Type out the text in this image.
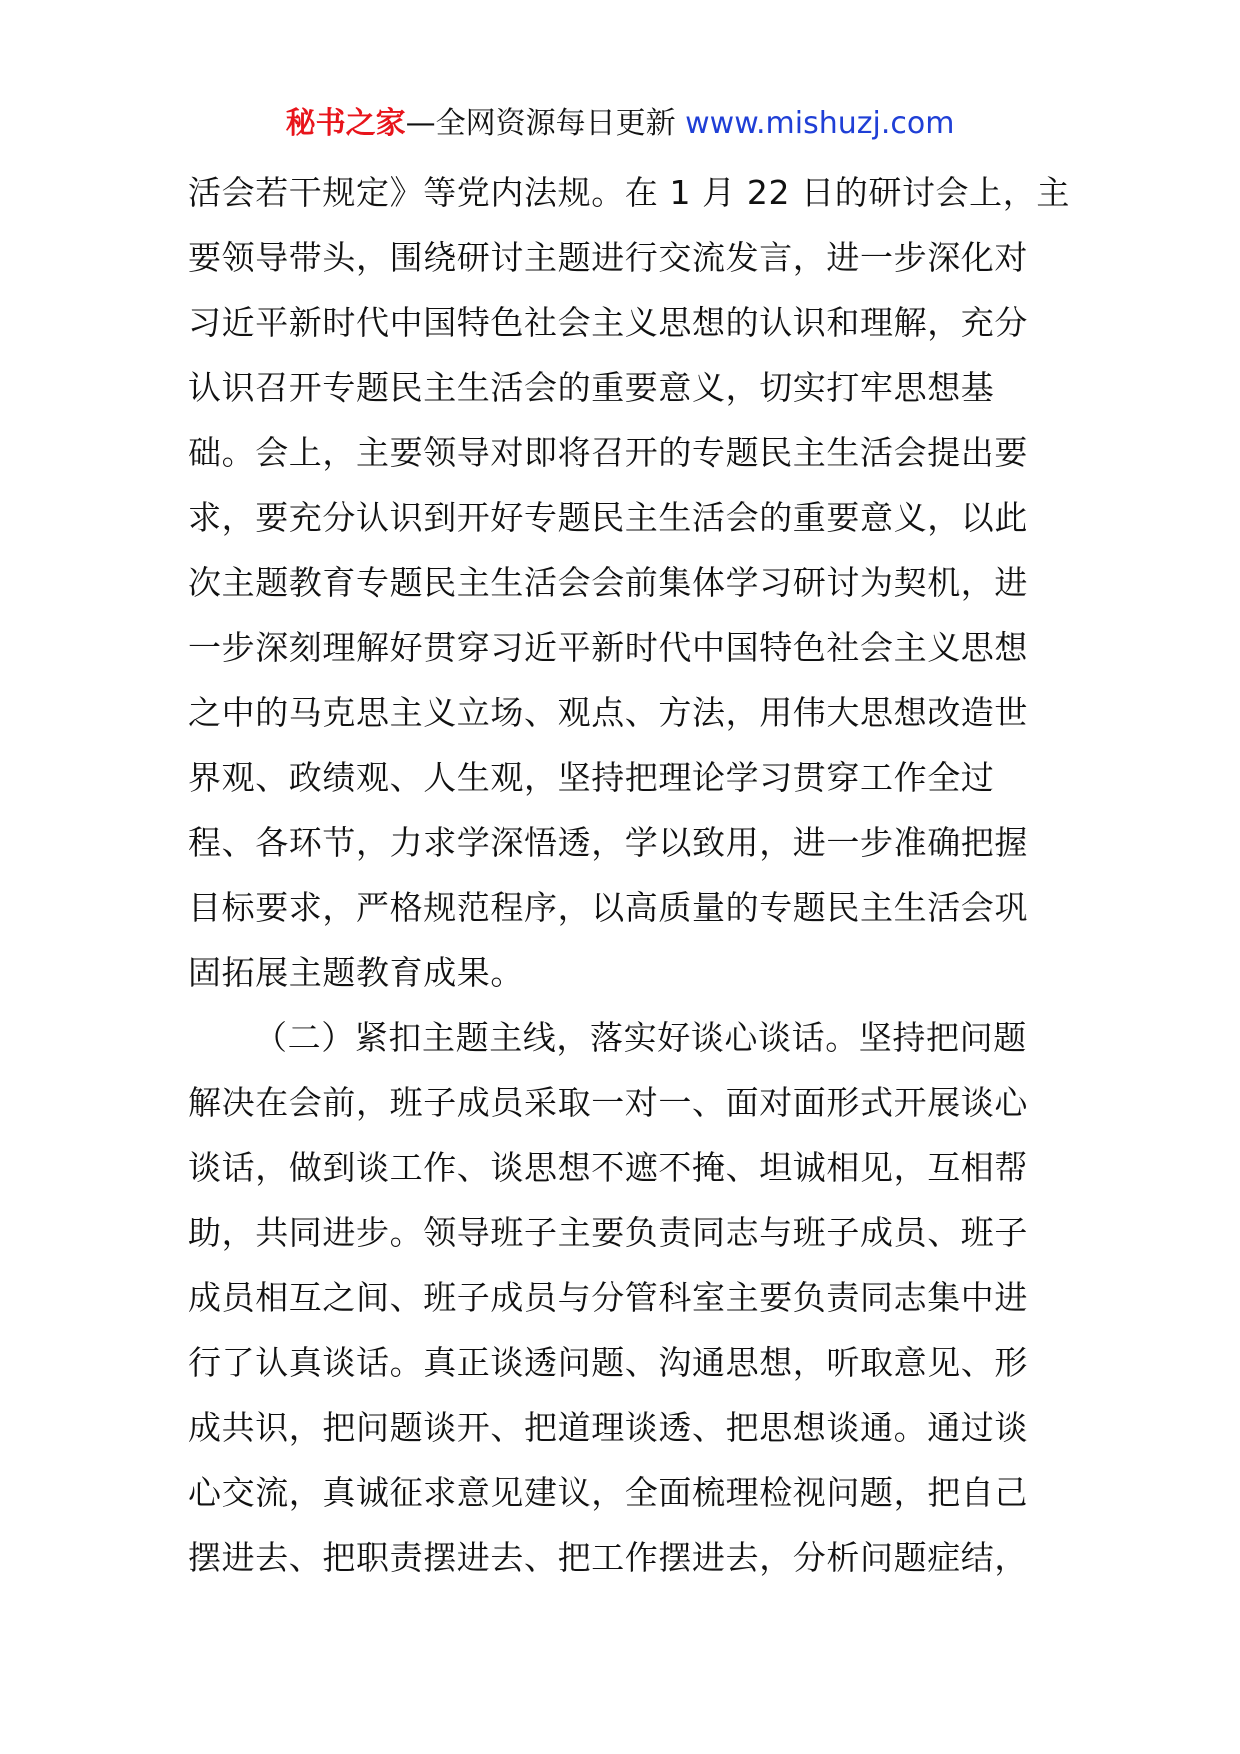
秘书之家—全网资源每日更新 www.mishuzj.com
活会若干规定》等党内法规。在 1 月 22 日的研讨会上，主
要领导带头，围绕研讨主题进行交流发言，进一步深化对
习近平新时代中国特色社会主义思想的认识和理解，充分
认识召开专题民主生活会的重要意义，切实打牢思想基
础。会上，主要领导对即将召开的专题民主生活会提出要
求，要充分认识到开好专题民主生活会的重要意义，以此
次主题教育专题民主生活会会前集体学习研讨为契机，进
一步深刻理解好贯穿习近平新时代中国特色社会主义思想
之中的马克思主义立场、观点、方法，用伟大思想改造世
界观、政绩观、人生观，坚持把理论学习贯穿工作全过
程、各环节，力求学深悟透，学以致用，进一步准确把握
目标要求，严格规范程序，以高质量的专题民主生活会巩
固拓展主题教育成果。
（二）紧扣主题主线，落实好谈心谈话。坚持把问题
解决在会前，班子成员采取一对一、面对面形式开展谈心
谈话，做到谈工作、谈思想不遮不掩、坦诚相见，互相帮
助，共同进步。领导班子主要负责同志与班子成员、班子
成员相互之间、班子成员与分管科室主要负责同志集中进
行了认真谈话。真正谈透问题、沟通思想，听取意见、形
成共识，把问题谈开、把道理谈透、把思想谈通。通过谈
心交流，真诚征求意见建议，全面梳理检视问题，把自己
摆进去、把职责摆进去、把工作摆进去，分析问题症结，
